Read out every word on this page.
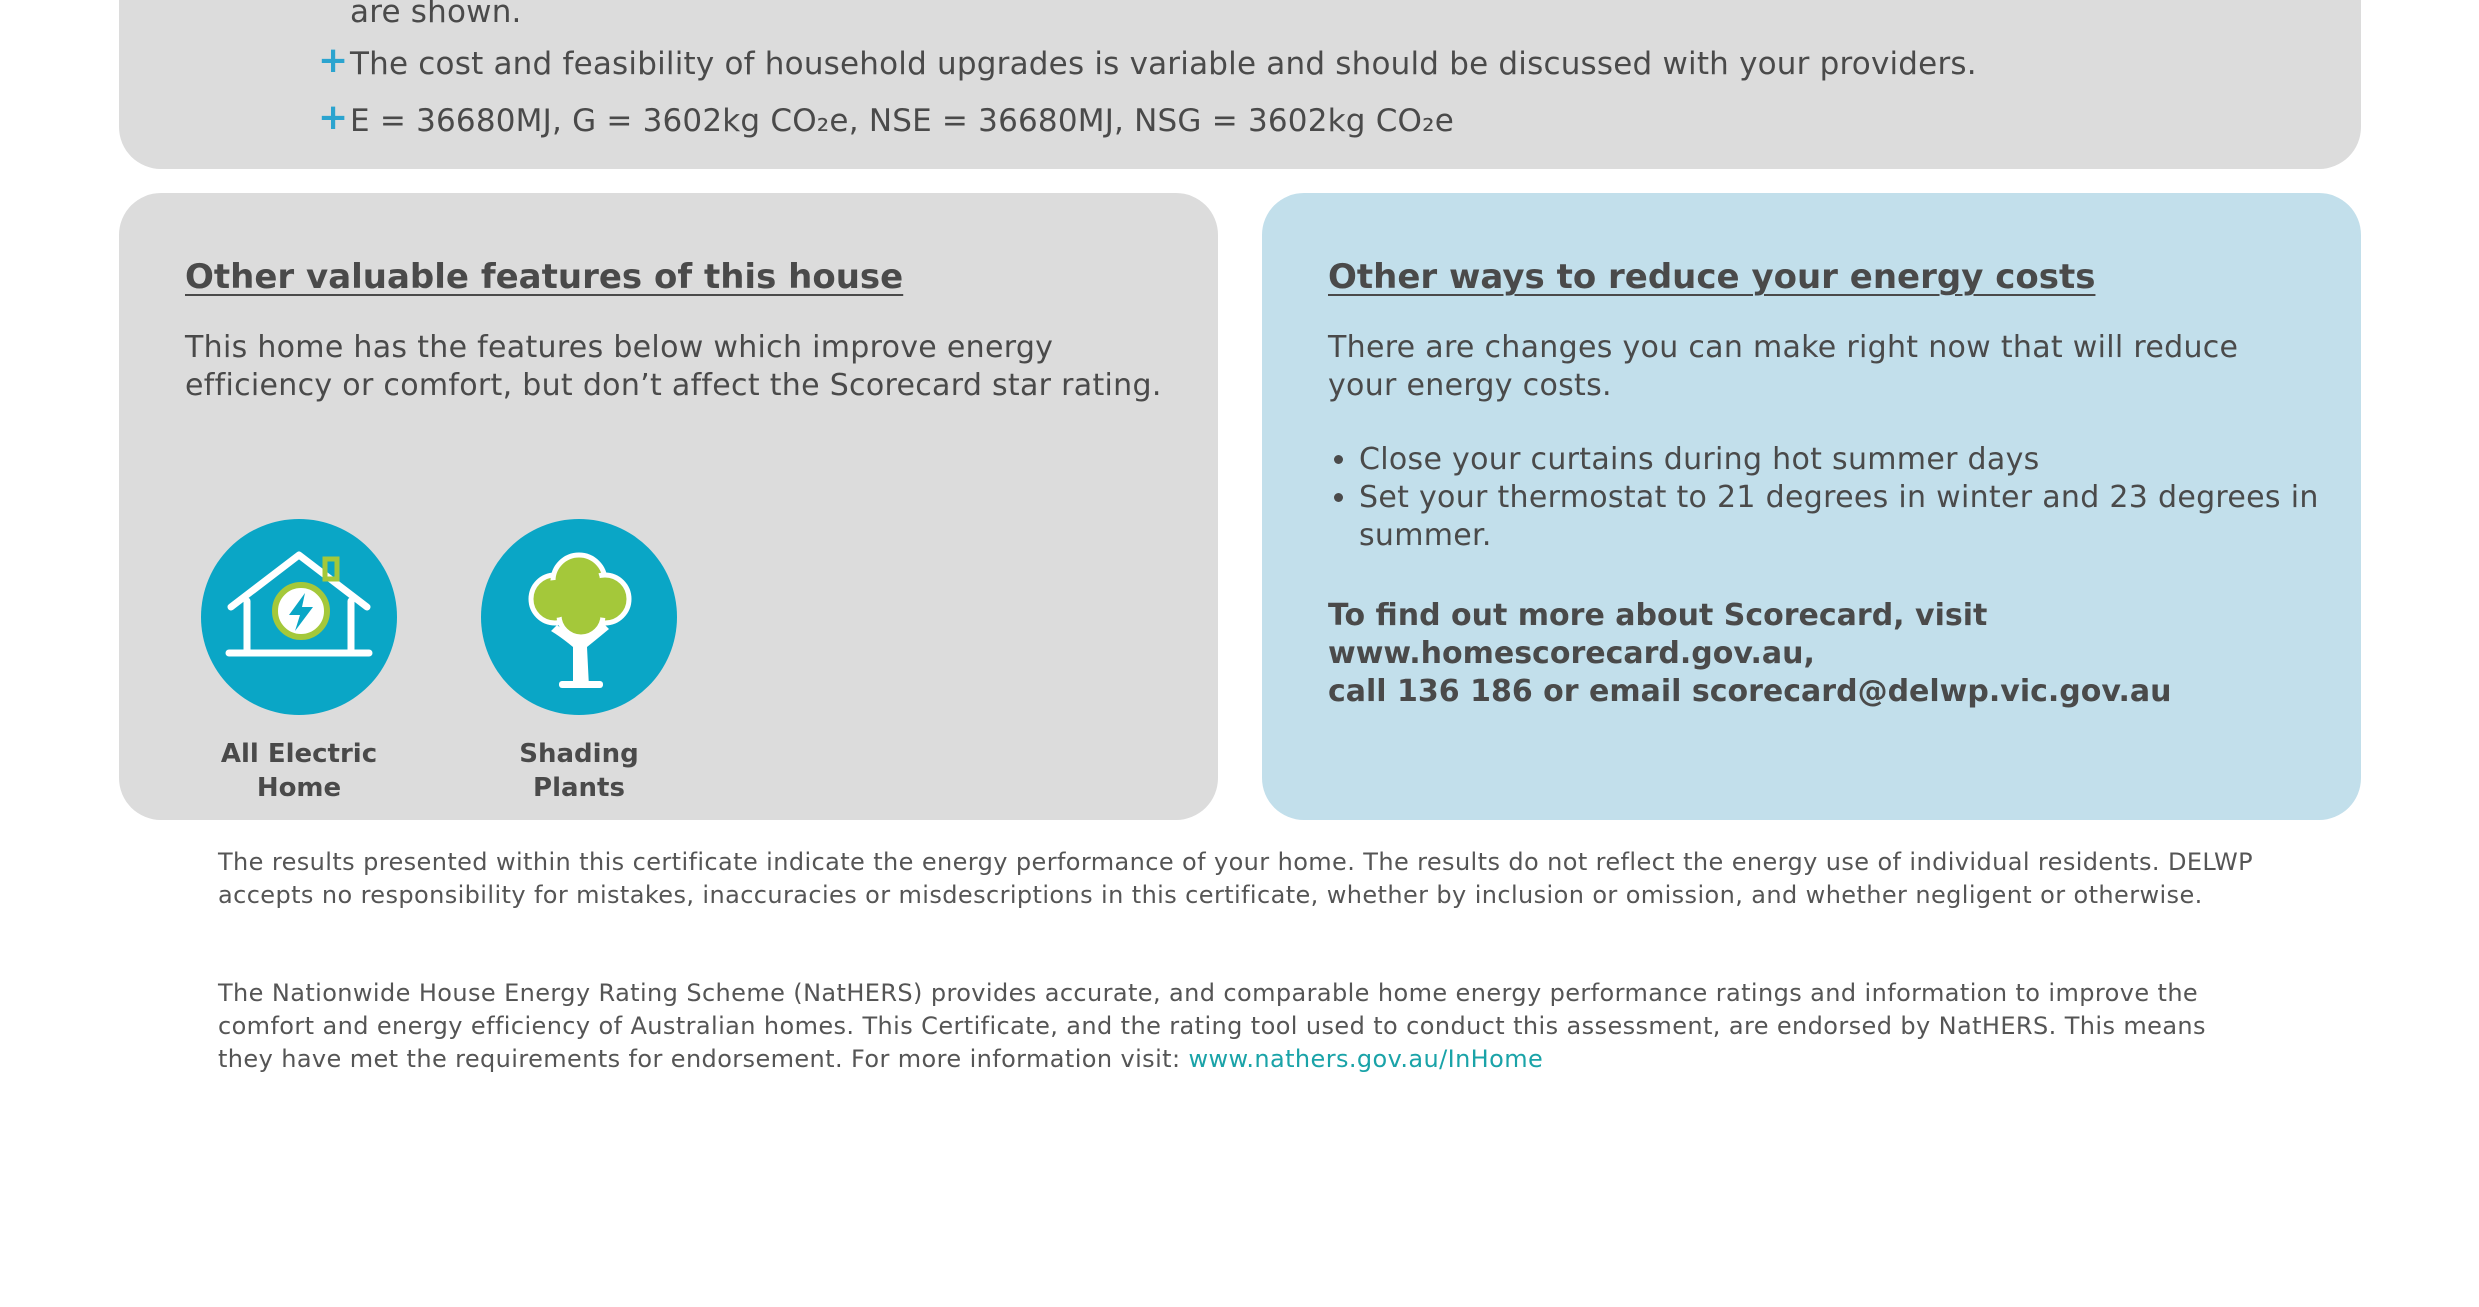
are shown.
+ The cost and feasibility of household upgrades is variable and should be discussed with your providers.
+ E = 36680MJ, G = 3602kg CO₂e, NSE = 36680MJ, NSG = 3602kg CO₂e
Other valuable features of this house
This home has the features below which improve energy efficiency or comfort, but don’t affect the Scorecard star rating.
All Electric
Home
Shading
Plants
Other ways to reduce your energy costs
There are changes you can make right now that will reduce your energy costs.
• Close your curtains during hot summer days
• Set your thermostat to 21 degrees in winter and 23 degrees in summer.
To find out more about Scorecard, visit
www.homescorecard.gov.au,
call 136 186 or email scorecard@delwp.vic.gov.au
The results presented within this certificate indicate the energy performance of your home. The results do not reflect the energy use of individual residents. DELWP accepts no responsibility for mistakes, inaccuracies or misdescriptions in this certificate, whether by inclusion or omission, and whether negligent or otherwise.
The Nationwide House Energy Rating Scheme (NatHERS) provides accurate, and comparable home energy performance ratings and information to improve the comfort and energy efficiency of Australian homes. This Certificate, and the rating tool used to conduct this assessment, are endorsed by NatHERS. This means they have met the requirements for endorsement. For more information visit: www.nathers.gov.au/InHome
